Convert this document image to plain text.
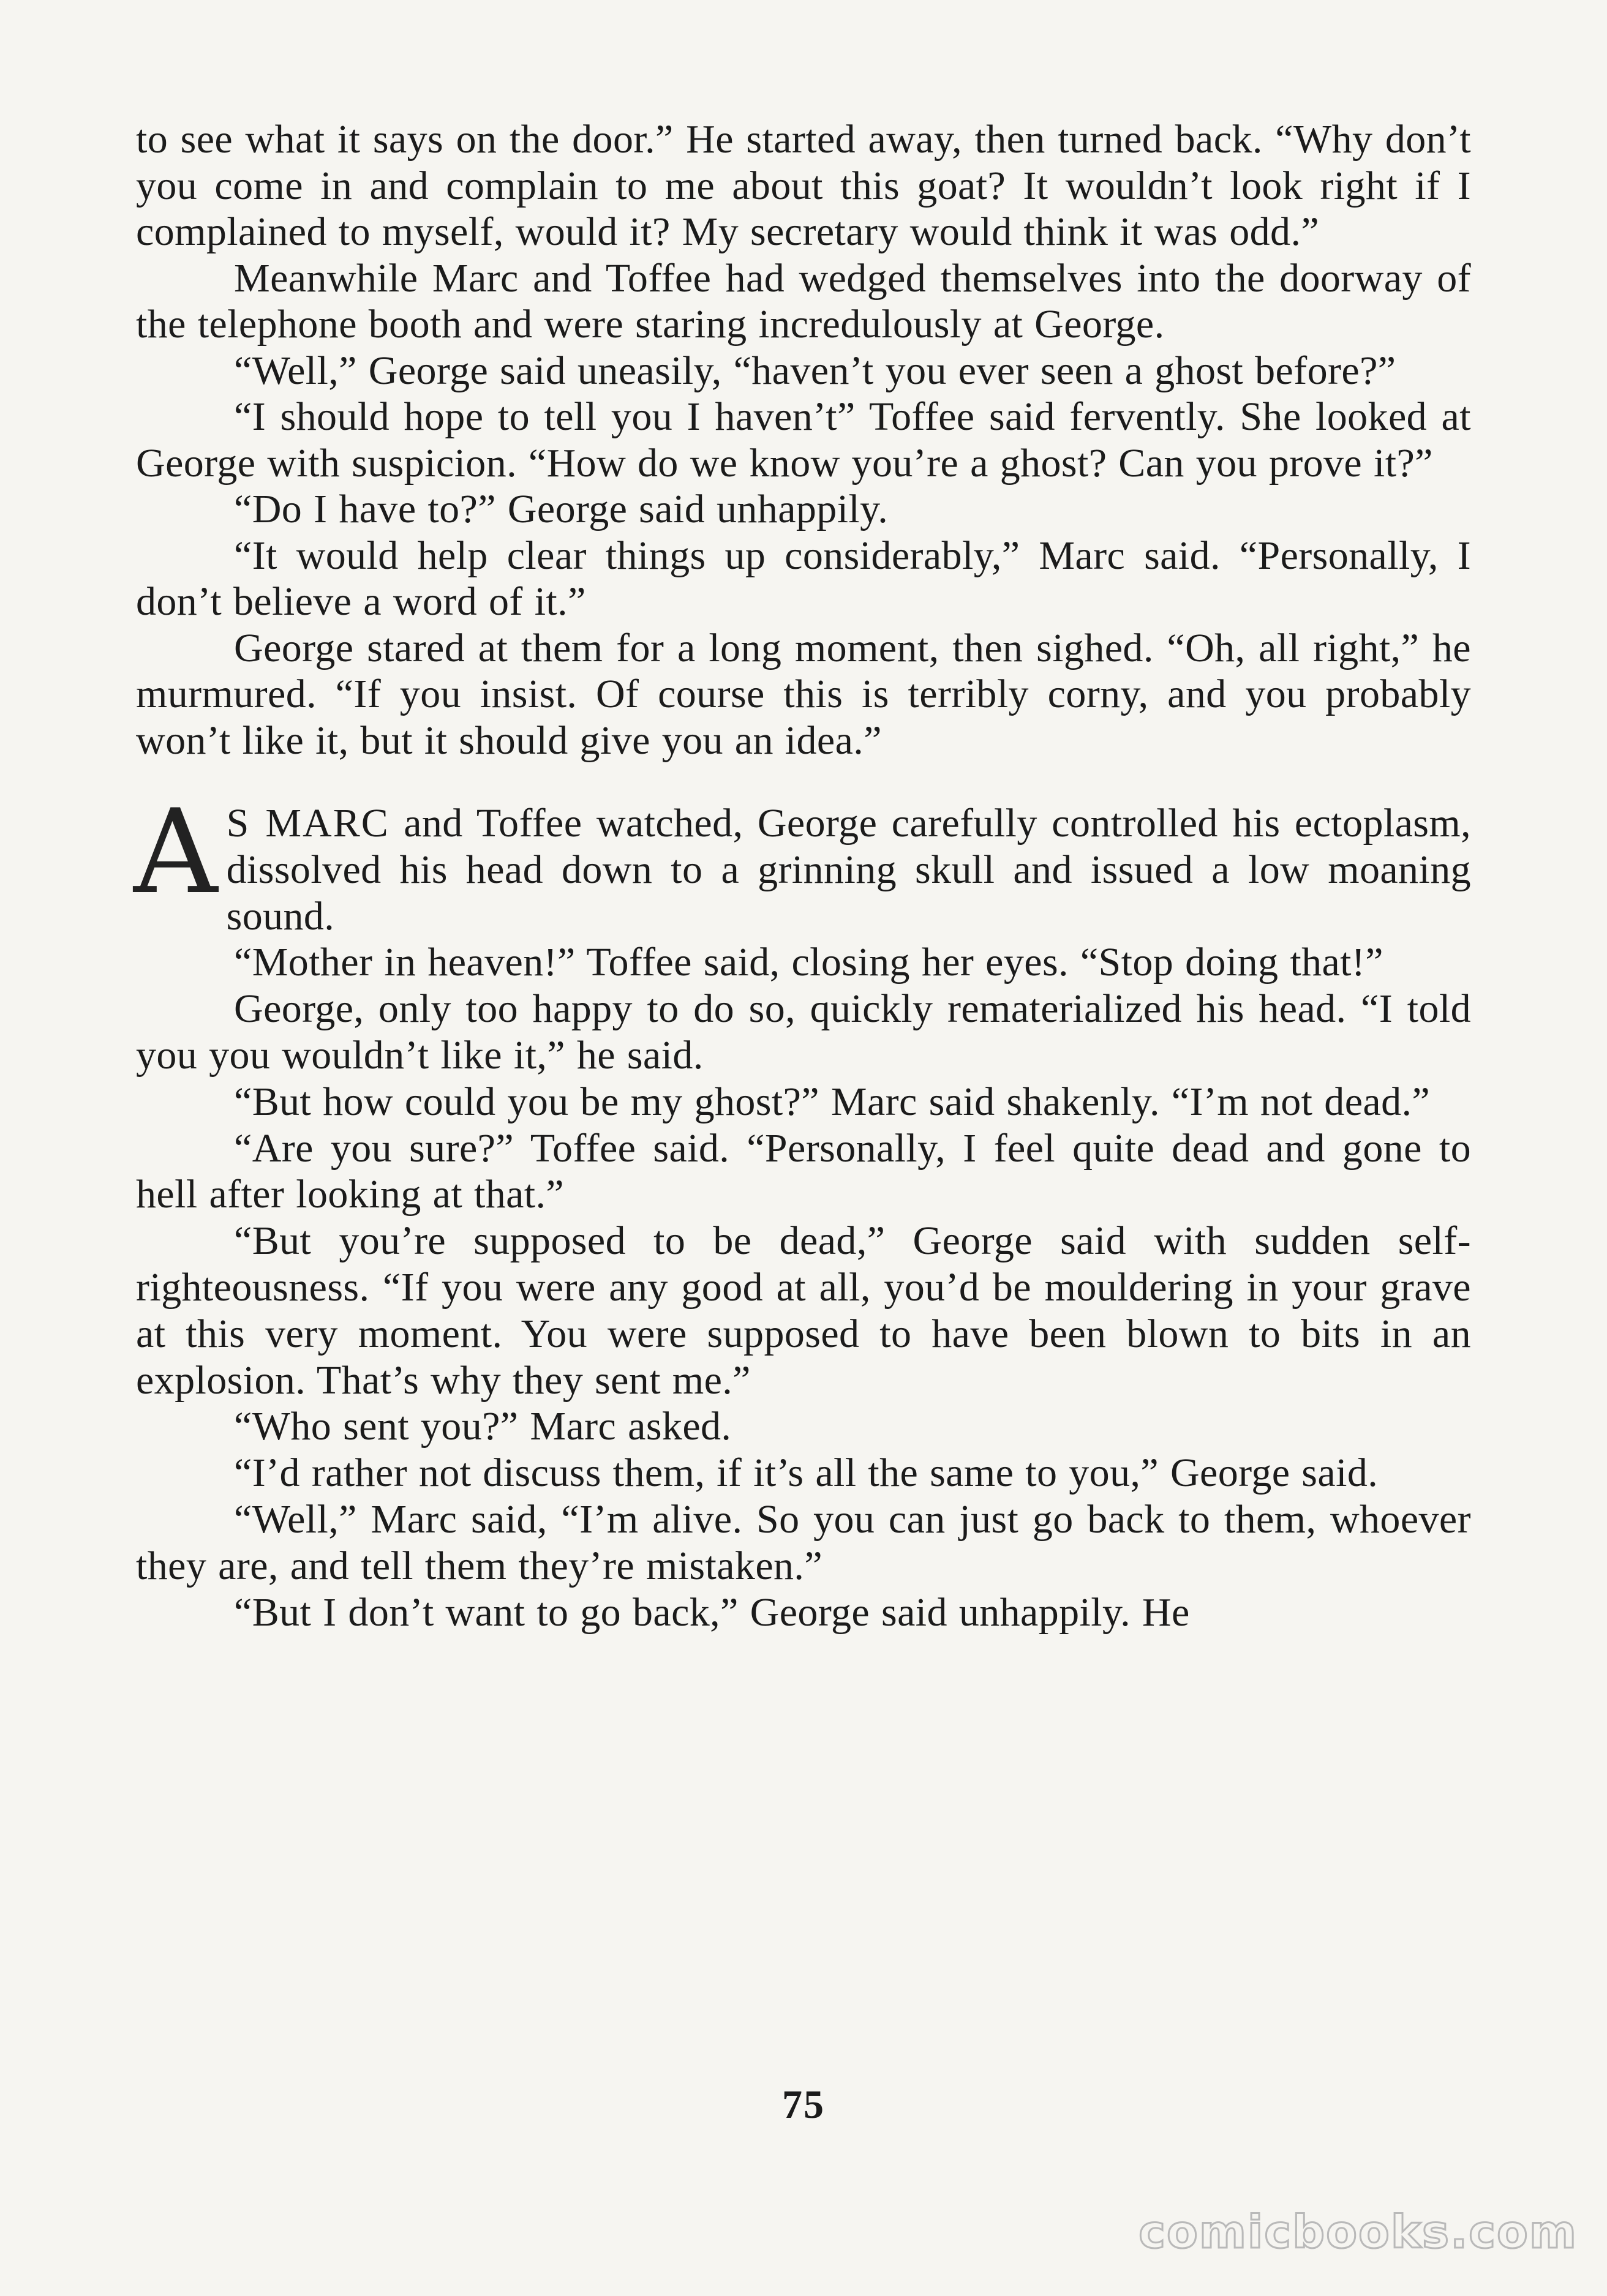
to see what it says on the door.” He started away, then turned back. “Why don’t you come in and complain to me about this goat? It wouldn’t look right if I complained to myself, would it? My secretary would think it was odd.”

Meanwhile Marc and Toffee had wedged themselves into the doorway of the telephone booth and were staring incredulously at George.

“Well,” George said uneasily, “haven’t you ever seen a ghost before?”

“I should hope to tell you I haven’t” Toffee said fervently. She looked at George with suspicion. “How do we know you’re a ghost? Can you prove it?”

“Do I have to?” George said unhappily.

“It would help clear things up considerably,” Marc said. “Personally, I don’t believe a word of it.”

George stared at them for a long moment, then sighed. “Oh, all right,” he murmured. “If you insist. Of course this is terribly corny, and you probably won’t like it, but it should give you an idea.”

A S MARC and Toffee watched, George carefully controlled his ectoplasm, dissolved his head down to a grinning skull and issued a low moaning sound.

“Mother in heaven!” Toffee said, closing her eyes. “Stop doing that!”

George, only too happy to do so, quickly rematerialized his head. “I told you you wouldn’t like it,” he said.

“But how could you be my ghost?” Marc said shakenly. “I’m not dead.”

“Are you sure?” Toffee said. “Personally, I feel quite dead and gone to hell after looking at that.”

“But you’re supposed to be dead,” George said with sudden self-righteousness. “If you were any good at all, you’d be mouldering in your grave at this very moment. You were supposed to have been blown to bits in an explosion. That’s why they sent me.”

“Who sent you?” Marc asked.

“I’d rather not discuss them, if it’s all the same to you,” George said.

“Well,” Marc said, “I’m alive. So you can just go back to them, whoever they are, and tell them they’re mistaken.”

“But I don’t want to go back,” George said unhappily. He

75
comicbooks.com
